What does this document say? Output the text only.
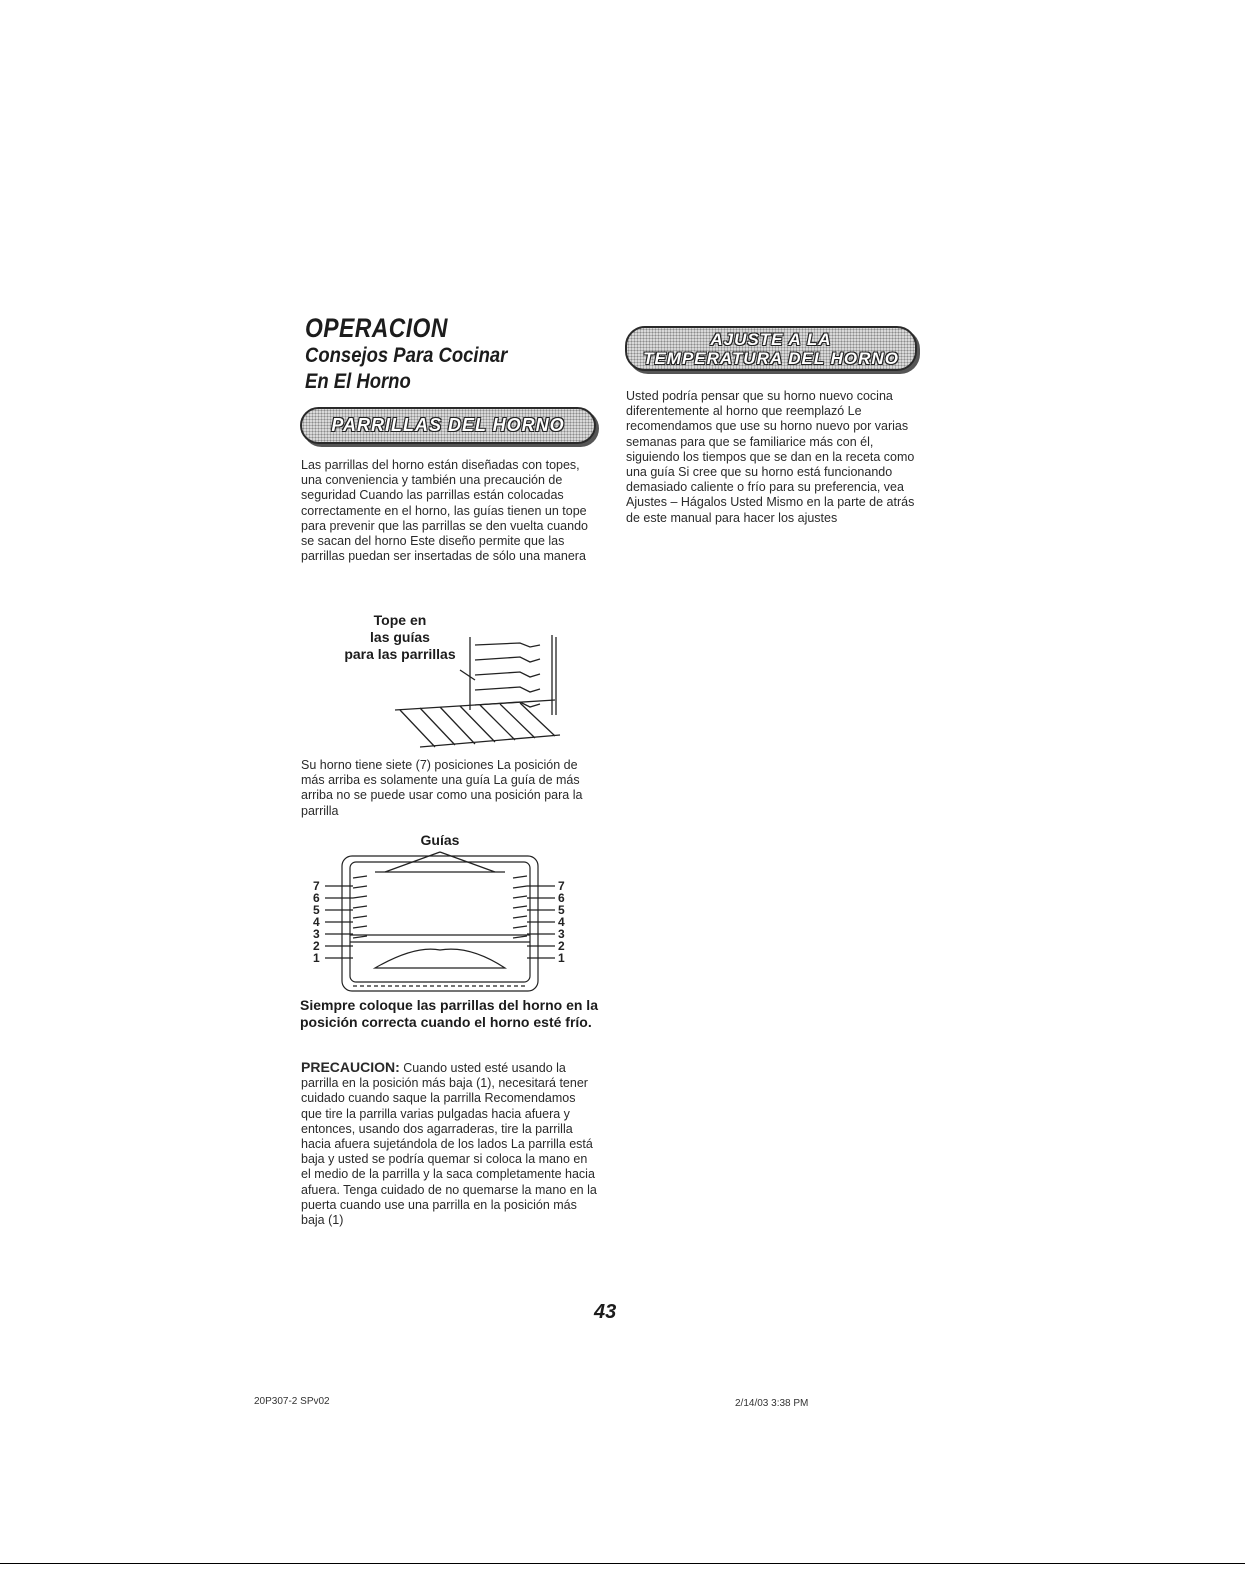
OPERACION
Consejos Para Cocinar
En El Horno
PARRILLAS DEL HORNO
Las parrillas del horno están diseñadas con topes, una conveniencia y también una precaución de seguridad Cuando las parrillas están colocadas correctamente en el horno, las guías tienen un tope para prevenir que las parrillas se den vuelta cuando se sacan del horno Este diseño permite que las parrillas puedan ser insertadas de sólo una manera
Tope en
las guías
para las parrillas
Su horno tiene siete (7) posiciones La posición de más arriba es solamente una guía La guía de más arriba no se puede usar como una posición para la parrilla
Guías
7
6
5
4
3
2
1
7
6
5
4
3
2
1
Siempre coloque las parrillas del horno en la posición correcta cuando el horno esté frío.
PRECAUCION: Cuando usted esté usando la parrilla en la posición más baja (1), necesitará tener cuidado cuando saque la parrilla Recomendamos que tire la parrilla varias pulgadas hacia afuera y entonces, usando dos agarraderas, tire la parrilla hacia afuera sujetándola de los lados La parrilla está baja y usted se podría quemar si coloca la mano en el medio de la parrilla y la saca completamente hacia afuera. Tenga cuidado de no quemarse la mano en la puerta cuando use una parrilla en la posición más baja (1)
AJUSTE A LA
TEMPERATURA DEL HORNO
Usted podría pensar que su horno nuevo cocina diferentemente al horno que reemplazó Le recomendamos que use su horno nuevo por varias semanas para que se familiarice más con él, siguiendo los tiempos que se dan en la receta como una guía Si cree que su horno está funcionando demasiado caliente o frío para su preferencia, vea Ajustes – Hágalos Usted Mismo en la parte de atrás de este manual para hacer los ajustes
43
20P307-2 SPv02	2/14/03 3:38 PM
